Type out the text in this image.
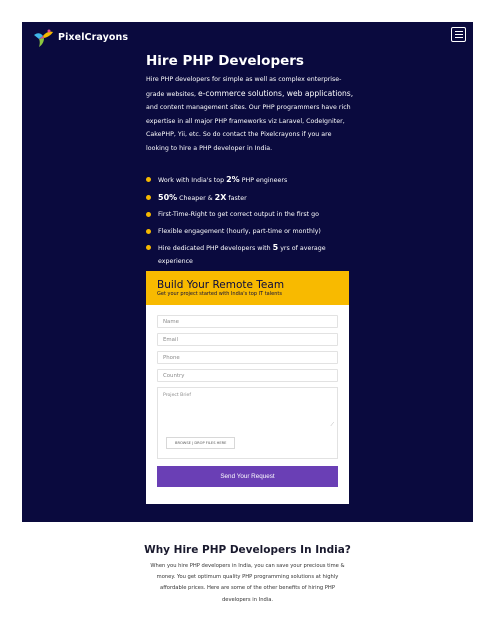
PixelCrayons
Hire PHP Developers

Hire PHP developers for simple as well as complex enterprise-grade websites, e-commerce solutions, web applications, and content management sites. Our PHP programmers have rich expertise in all major PHP frameworks viz Laravel, CodeIgniter, CakePHP, Yii, etc. So do contact the Pixelcrayons if you are looking to hire a PHP developer in India.

Work with India's top 2% PHP engineers
50% Cheaper & 2X faster
First-Time-Right to get correct output in the first go
Flexible engagement (hourly, part-time or monthly)
Hire dedicated PHP developers with 5 yrs of average experience
Build Your Remote Team
Get your project started with India's top IT talents
Name
Email
Phone
Country
Project Brief
⟋
BROWSE | DROP FILES HERE
Send Your Request
Why Hire PHP Developers In India?

When you hire PHP developers in India, you can save your precious time & money. You get optimum quality PHP programming solutions at highly affordable prices. Here are some of the other benefits of hiring PHP developers in India.
